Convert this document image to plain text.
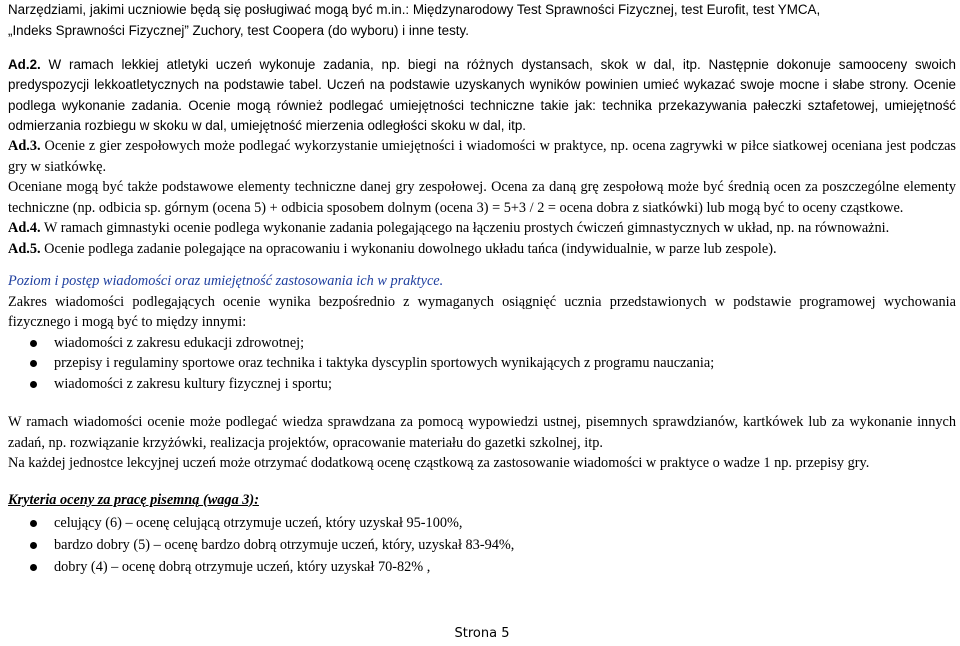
Narzędziami, jakimi uczniowie będą się posługiwać mogą być m.in.: Międzynarodowy Test Sprawności Fizycznej, test Eurofit, test YMCA,

„Indeks Sprawności Fizycznej” Zuchory, test Coopera (do wyboru) i inne testy.

Ad.2. W ramach lekkiej atletyki uczeń wykonuje zadania, np. biegi na różnych dystansach, skok w dal, itp. Następnie dokonuje samooceny swoich predyspozycji lekkoatletycznych na podstawie tabel. Uczeń na podstawie uzyskanych wyników powinien umieć wykazać swoje mocne i słabe strony. Ocenie podlega wykonanie zadania. Ocenie mogą również podlegać umiejętności techniczne takie jak: technika przekazywania pałeczki sztafetowej, umiejętność odmierzania rozbiegu w skoku w dal, umiejętność mierzenia odległości skoku w dal, itp.

Ad.3. Ocenie z gier zespołowych może podlegać wykorzystanie umiejętności i wiadomości w praktyce, np. ocena zagrywki w piłce siatkowej oceniana jest podczas gry w siatkówkę.

Oceniane mogą być także podstawowe elementy techniczne danej gry zespołowej. Ocena za daną grę zespołową może być średnią ocen za poszczególne elementy techniczne (np. odbicia sp. górnym (ocena 5) + odbicia sposobem dolnym (ocena 3) = 5+3 / 2 = ocena dobra z siatkówki) lub mogą być to oceny cząstkowe.

Ad.4. W ramach gimnastyki ocenie podlega wykonanie zadania polegającego na łączeniu prostych ćwiczeń gimnastycznych w układ, np. na równoważni.

Ad.5. Ocenie podlega zadanie polegające na opracowaniu i wykonaniu dowolnego układu tańca (indywidualnie, w parze lub zespole).

Poziom i postęp wiadomości oraz umiejętność zastosowania ich w praktyce.

Zakres wiadomości podlegających ocenie wynika bezpośrednio z wymaganych osiągnięć ucznia przedstawionych w podstawie programowej wychowania fizycznego i mogą być to między innymi:

wiadomości z zakresu edukacji zdrowotnej;
przepisy i regulaminy sportowe oraz technika i taktyka dyscyplin sportowych wynikających z programu nauczania;
wiadomości z zakresu kultury fizycznej i sportu;

W ramach wiadomości ocenie może podlegać wiedza sprawdzana za pomocą wypowiedzi ustnej, pisemnych sprawdzianów, kartkówek lub za wykonanie innych zadań, np. rozwiązanie krzyżówki, realizacja projektów, opracowanie materiału do gazetki szkolnej, itp.

Na każdej jednostce lekcyjnej uczeń może otrzymać dodatkową ocenę cząstkową za zastosowanie wiadomości w praktyce o wadze 1 np. przepisy gry.

Kryteria oceny za pracę pisemną (waga 3):

celujący (6) – ocenę celującą otrzymuje uczeń, który uzyskał 95-100%,
bardzo dobry (5) – ocenę bardzo dobrą otrzymuje uczeń, który, uzyskał 83-94%,
dobry (4) – ocenę dobrą otrzymuje uczeń, który uzyskał 70-82% ,
Strona 5
